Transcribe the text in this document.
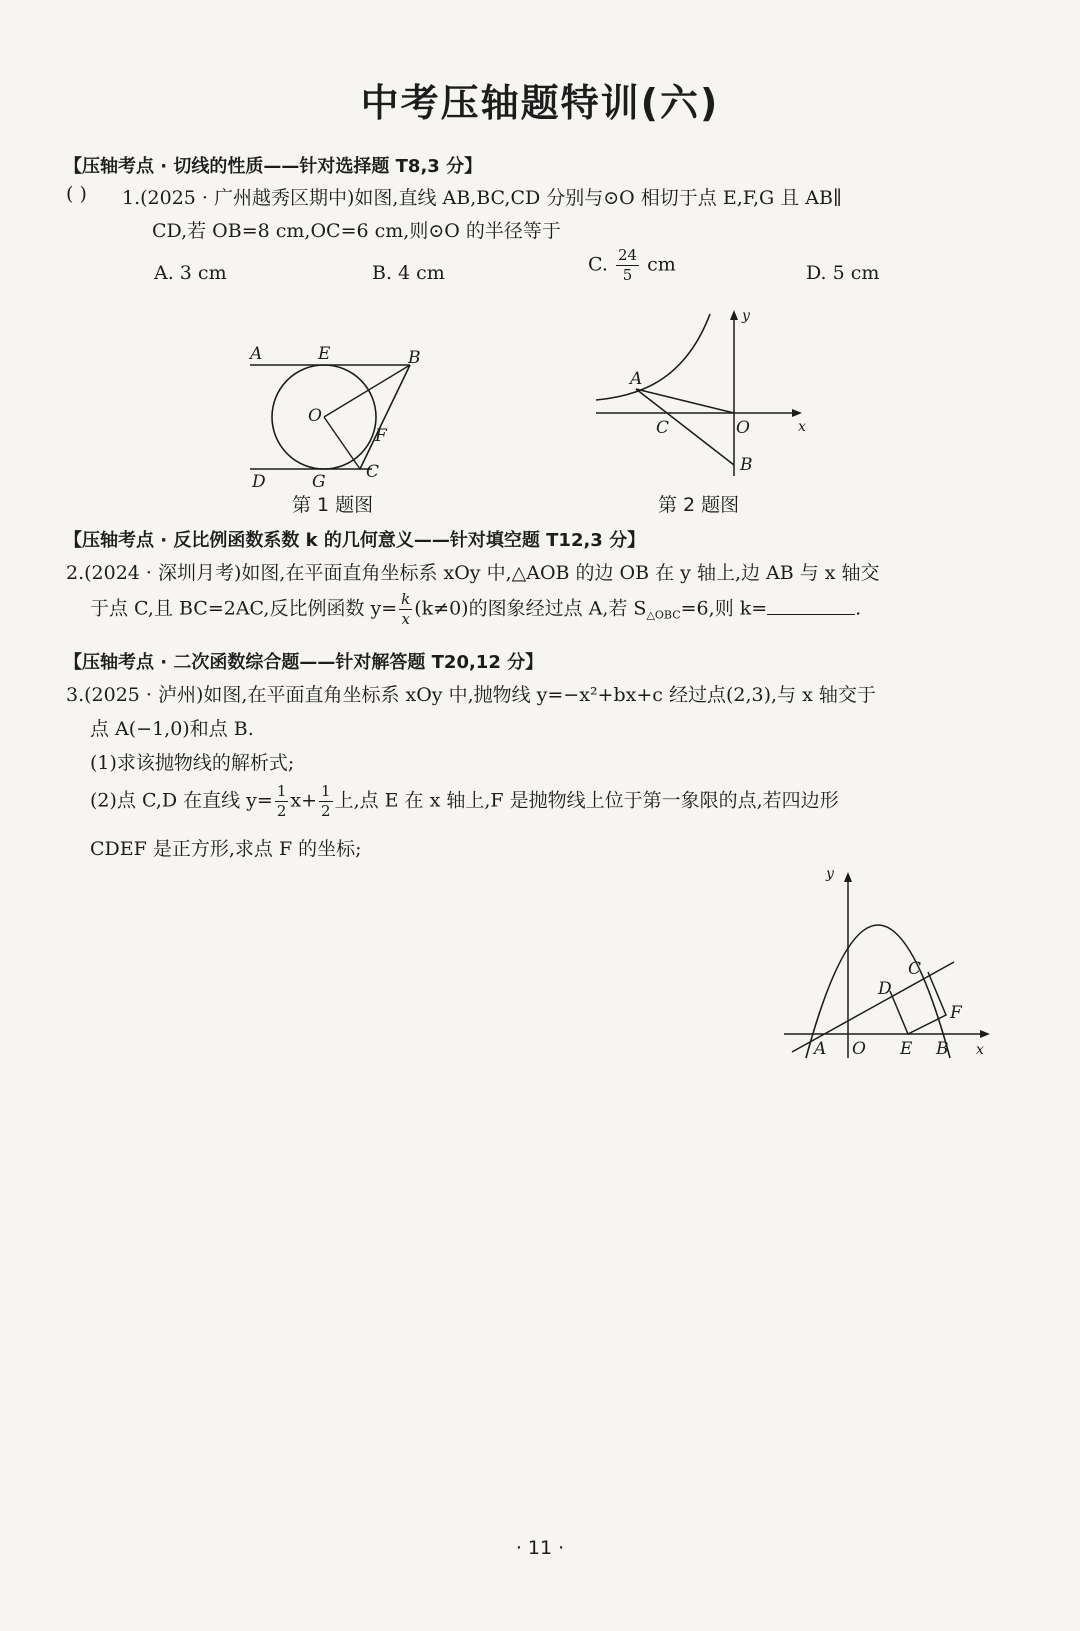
中考压轴题特训(六)
【压轴考点 · 切线的性质——针对选择题 T8,3 分】
( ) 1.(2025 · 广州越秀区期中)如图,直线 AB,BC,CD 分别与⊙O 相切于点 E,F,G 且 AB∥
CD,若 OB=8 cm,OC=6 cm,则⊙O 的半径等于
A. 3 cm	B. 4 cm	C. $\frac{24}{5}$ cm	D. 5 cm
A	E	B
O
F
D	G C
第 1 题图
y
A
C	O	x
B
第 2 题图
【压轴考点 · 反比例函数系数 k 的几何意义——针对填空题 T12,3 分】
2.(2024 · 深圳月考)如图,在平面直角坐标系 xOy 中,△AOB 的边 OB 在 y 轴上,边 AB 与 x 轴交
于点 C,且 BC=2AC,反比例函数 $y= \frac{k}{x} (k\ne 0)$的图象经过点 A,若 $S_{\triangle OBC}=6$,则 k=	.
【压轴考点 · 二次函数综合题——针对解答题 T20,12 分】
3.(2025 · 泸州)如图,在平面直角坐标系 xOy 中,抛物线 y=−x²+bx+c 经过点(2,3),与 x 轴交于
点 A(−1,0)和点 B.
(1)求该抛物线的解析式;
(2)点 C,D 在直线 $y= \frac{1}{2} x+ \frac{1}{2}$ 上,点 E 在 x 轴上,F 是抛物线上位于第一象限的点,若四边形
CDEF 是正方形,求点 F 的坐标;
y
C
D
F
A O E B x
· 11 ·
